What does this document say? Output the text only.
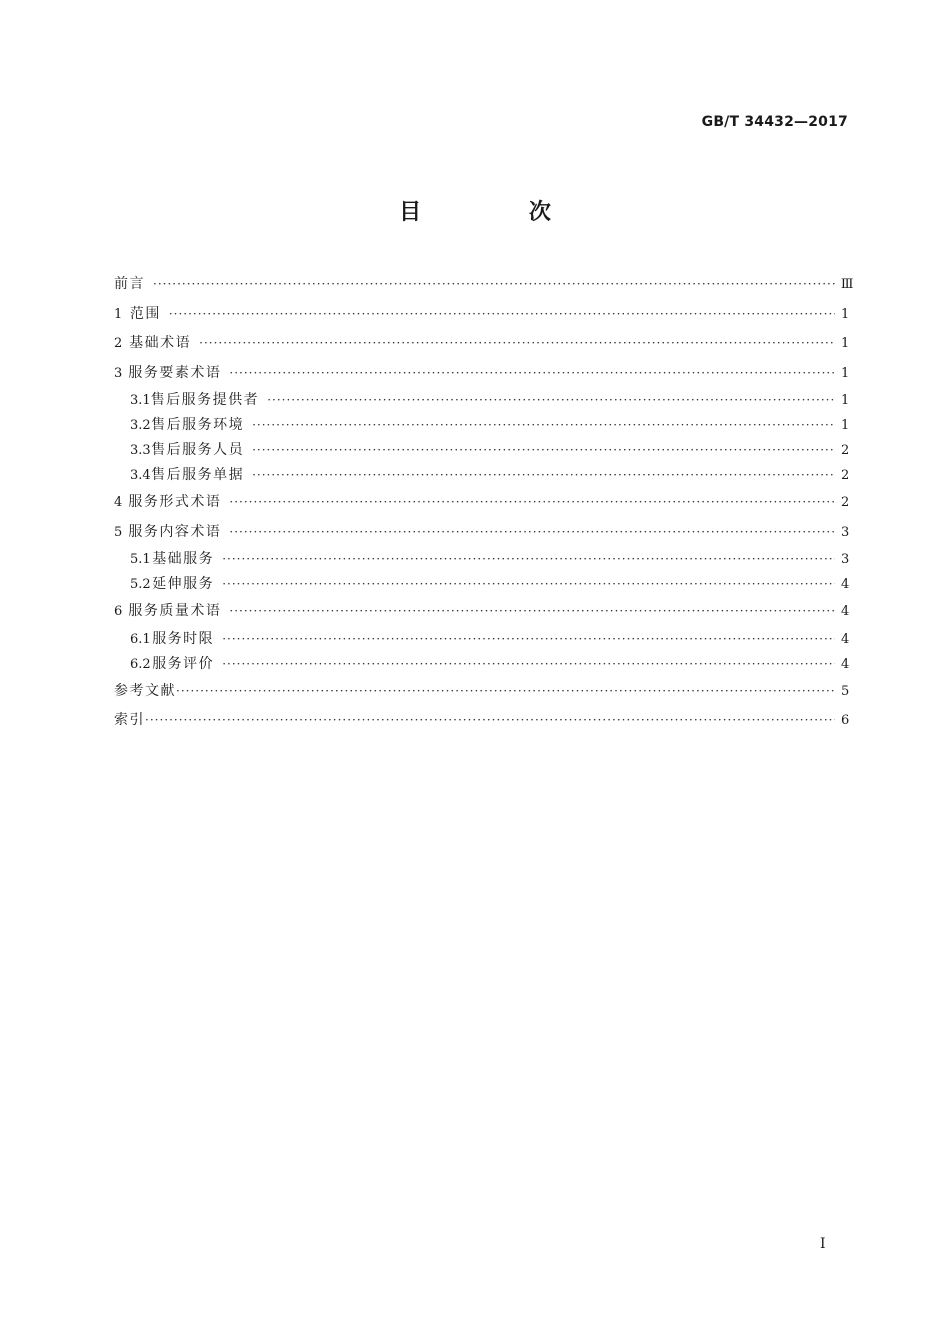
GB/T 34432—2017
目 次
前言 ·····	Ⅲ
1 范围 ·····	1
2 基础术语 ·····	1
3 服务要素术语 ·····	1
3.1 售后服务提供者 ·····	1
3.2 售后服务环境 ·····	1
3.3 售后服务人员 ·····	2
3.4 售后服务单据 ·····	2
4 服务形式术语 ·····	2
5 服务内容术语 ·····	3
5.1 基础服务 ·····	3
5.2 延伸服务 ·····	4
6 服务质量术语 ·····	4
6.1 服务时限 ·····	4
6.2 服务评价 ·····	4
参考文献 ·····	5
索引 ·····	6
I
